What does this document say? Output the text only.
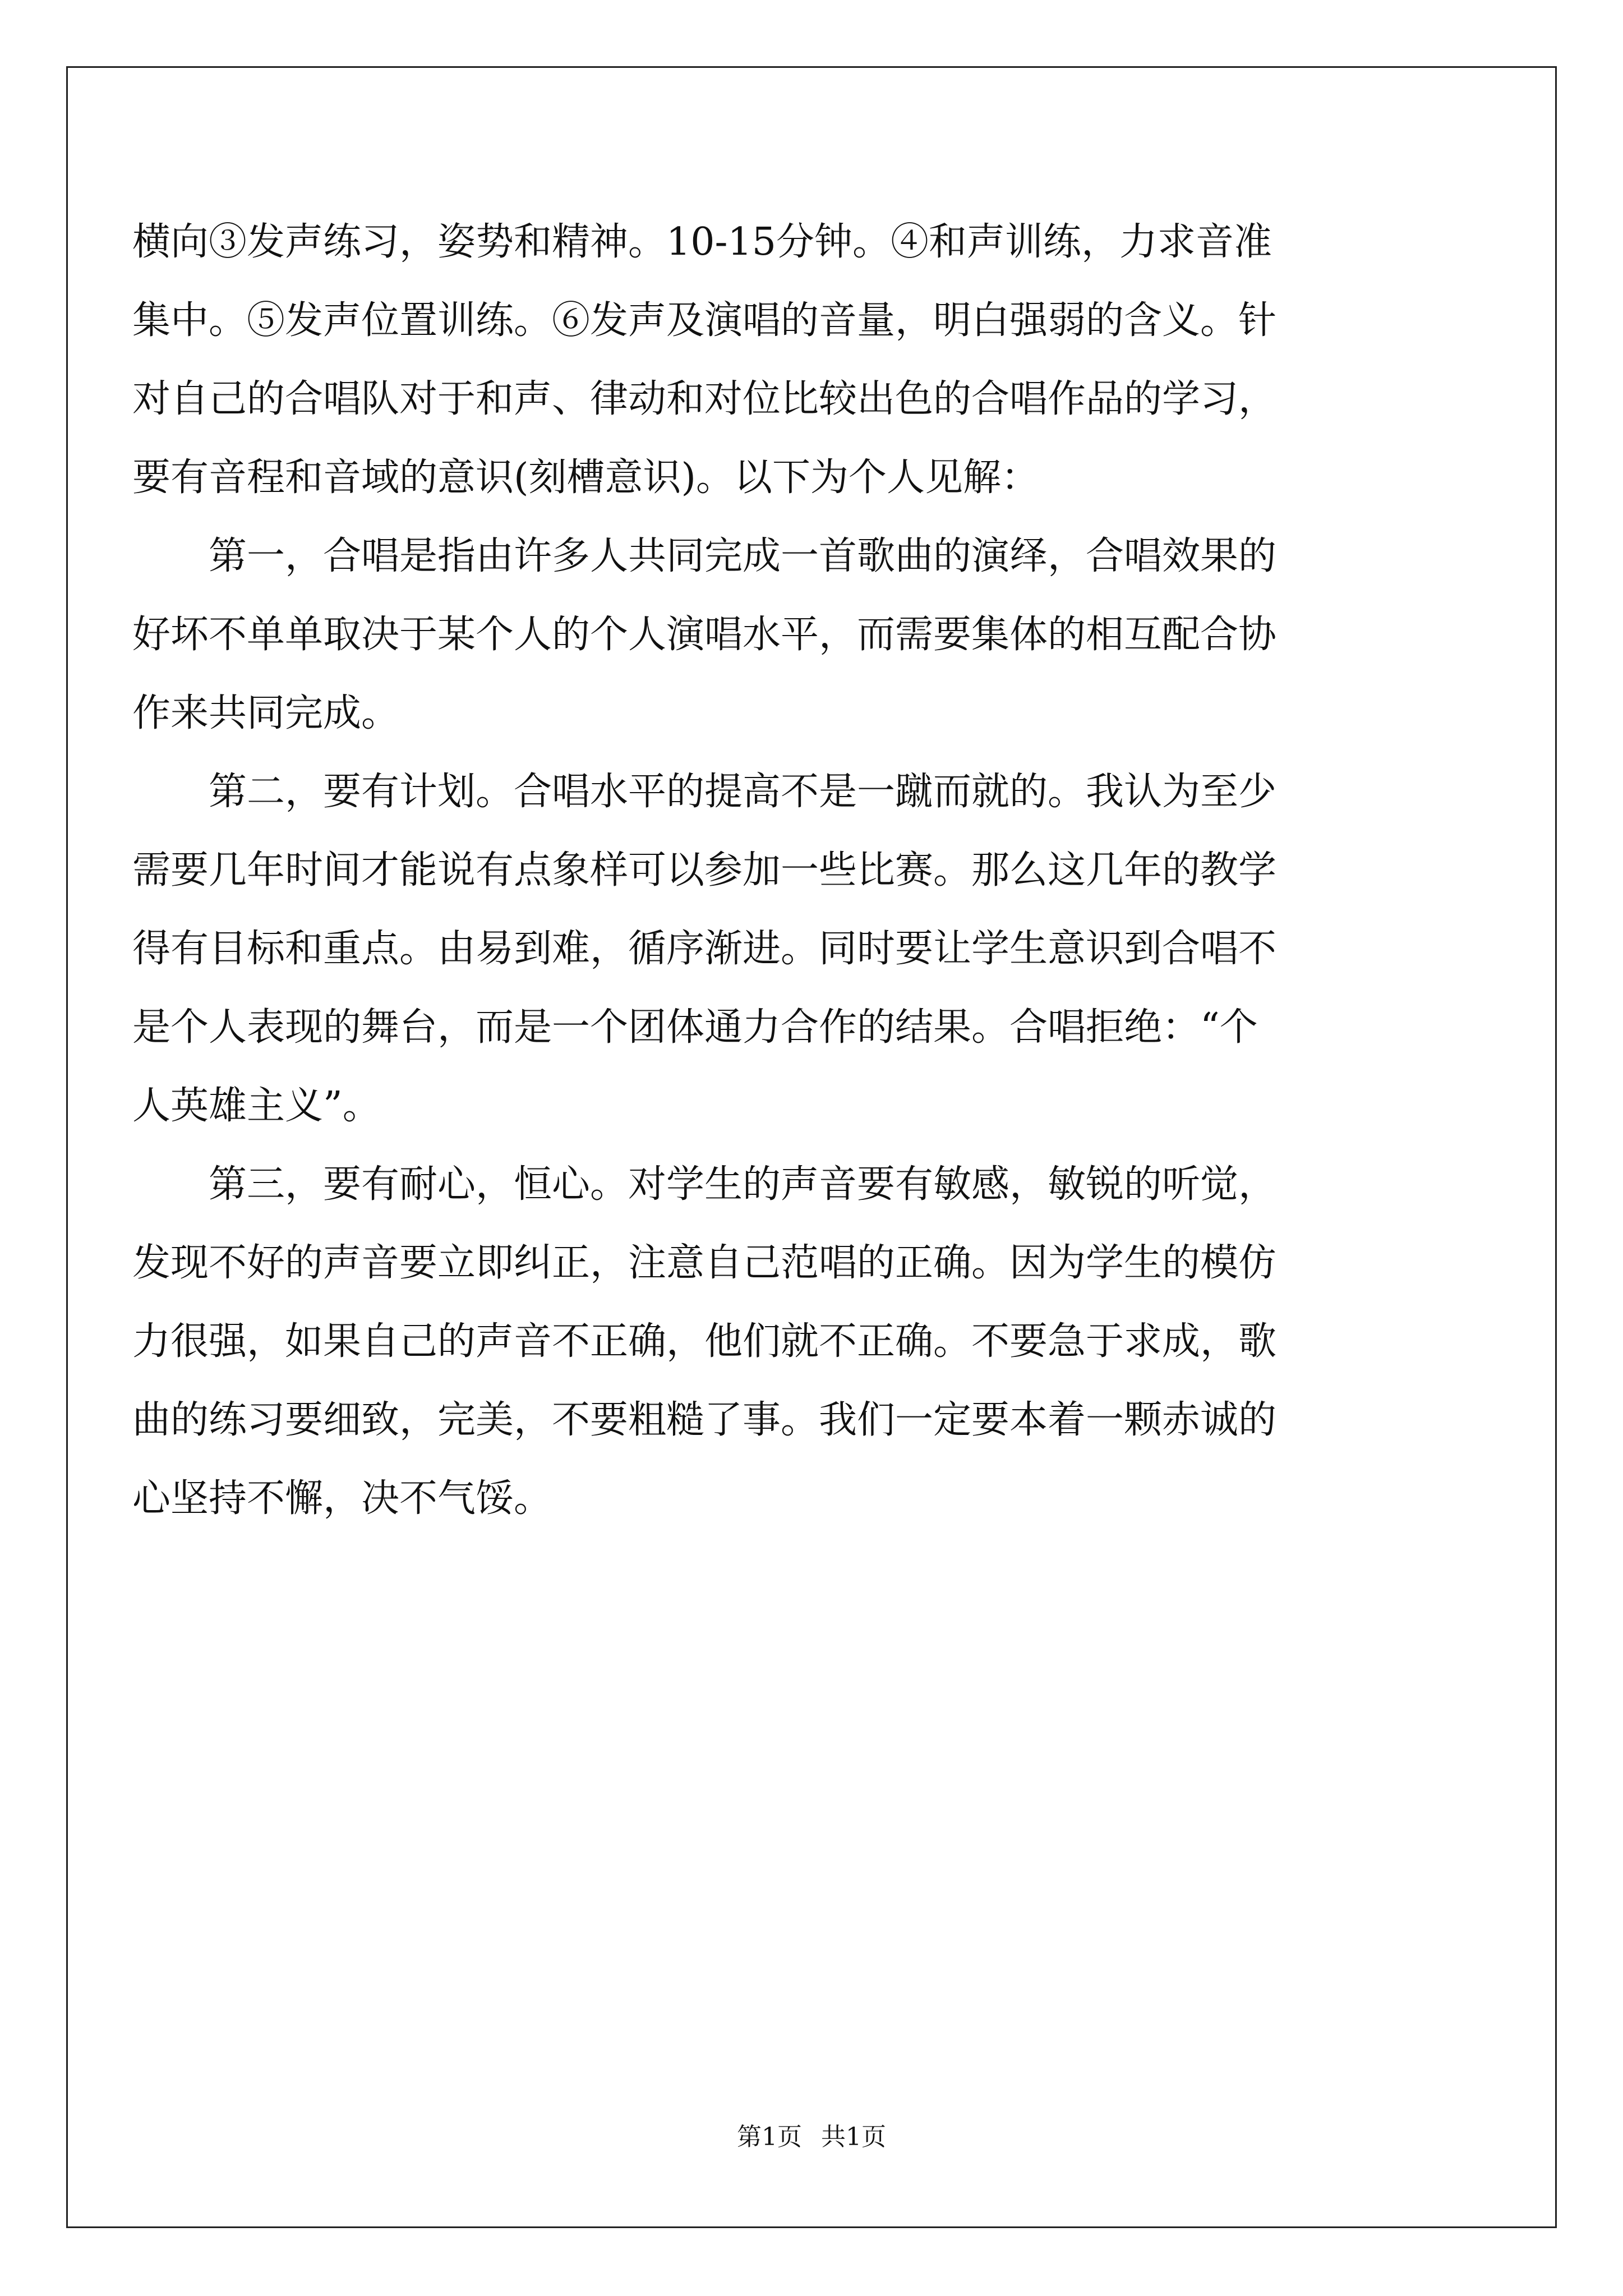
横向③发声练习，姿势和精神。10-15分钟。④和声训练，力求音准
集中。⑤发声位置训练。⑥发声及演唱的音量，明白强弱的含义。针
对自己的合唱队对于和声、律动和对位比较出色的合唱作品的学习，
要有音程和音域的意识(刻槽意识)。以下为个人见解：

第一，合唱是指由许多人共同完成一首歌曲的演绎，合唱效果的
好坏不单单取决于某个人的个人演唱水平，而需要集体的相互配合协
作来共同完成。

第二，要有计划。合唱水平的提高不是一蹴而就的。我认为至少
需要几年时间才能说有点象样可以参加一些比赛。那么这几年的教学
得有目标和重点。由易到难，循序渐进。同时要让学生意识到合唱不
是个人表现的舞台，而是一个团体通力合作的结果。合唱拒绝：“个
人英雄主义”。

第三，要有耐心，恒心。对学生的声音要有敏感，敏锐的听觉，
发现不好的声音要立即纠正，注意自己范唱的正确。因为学生的模仿
力很强，如果自己的声音不正确，他们就不正确。不要急于求成，歌
曲的练习要细致，完美，不要粗糙了事。我们一定要本着一颗赤诚的
心坚持不懈，决不气馁。

第1页 共1页
